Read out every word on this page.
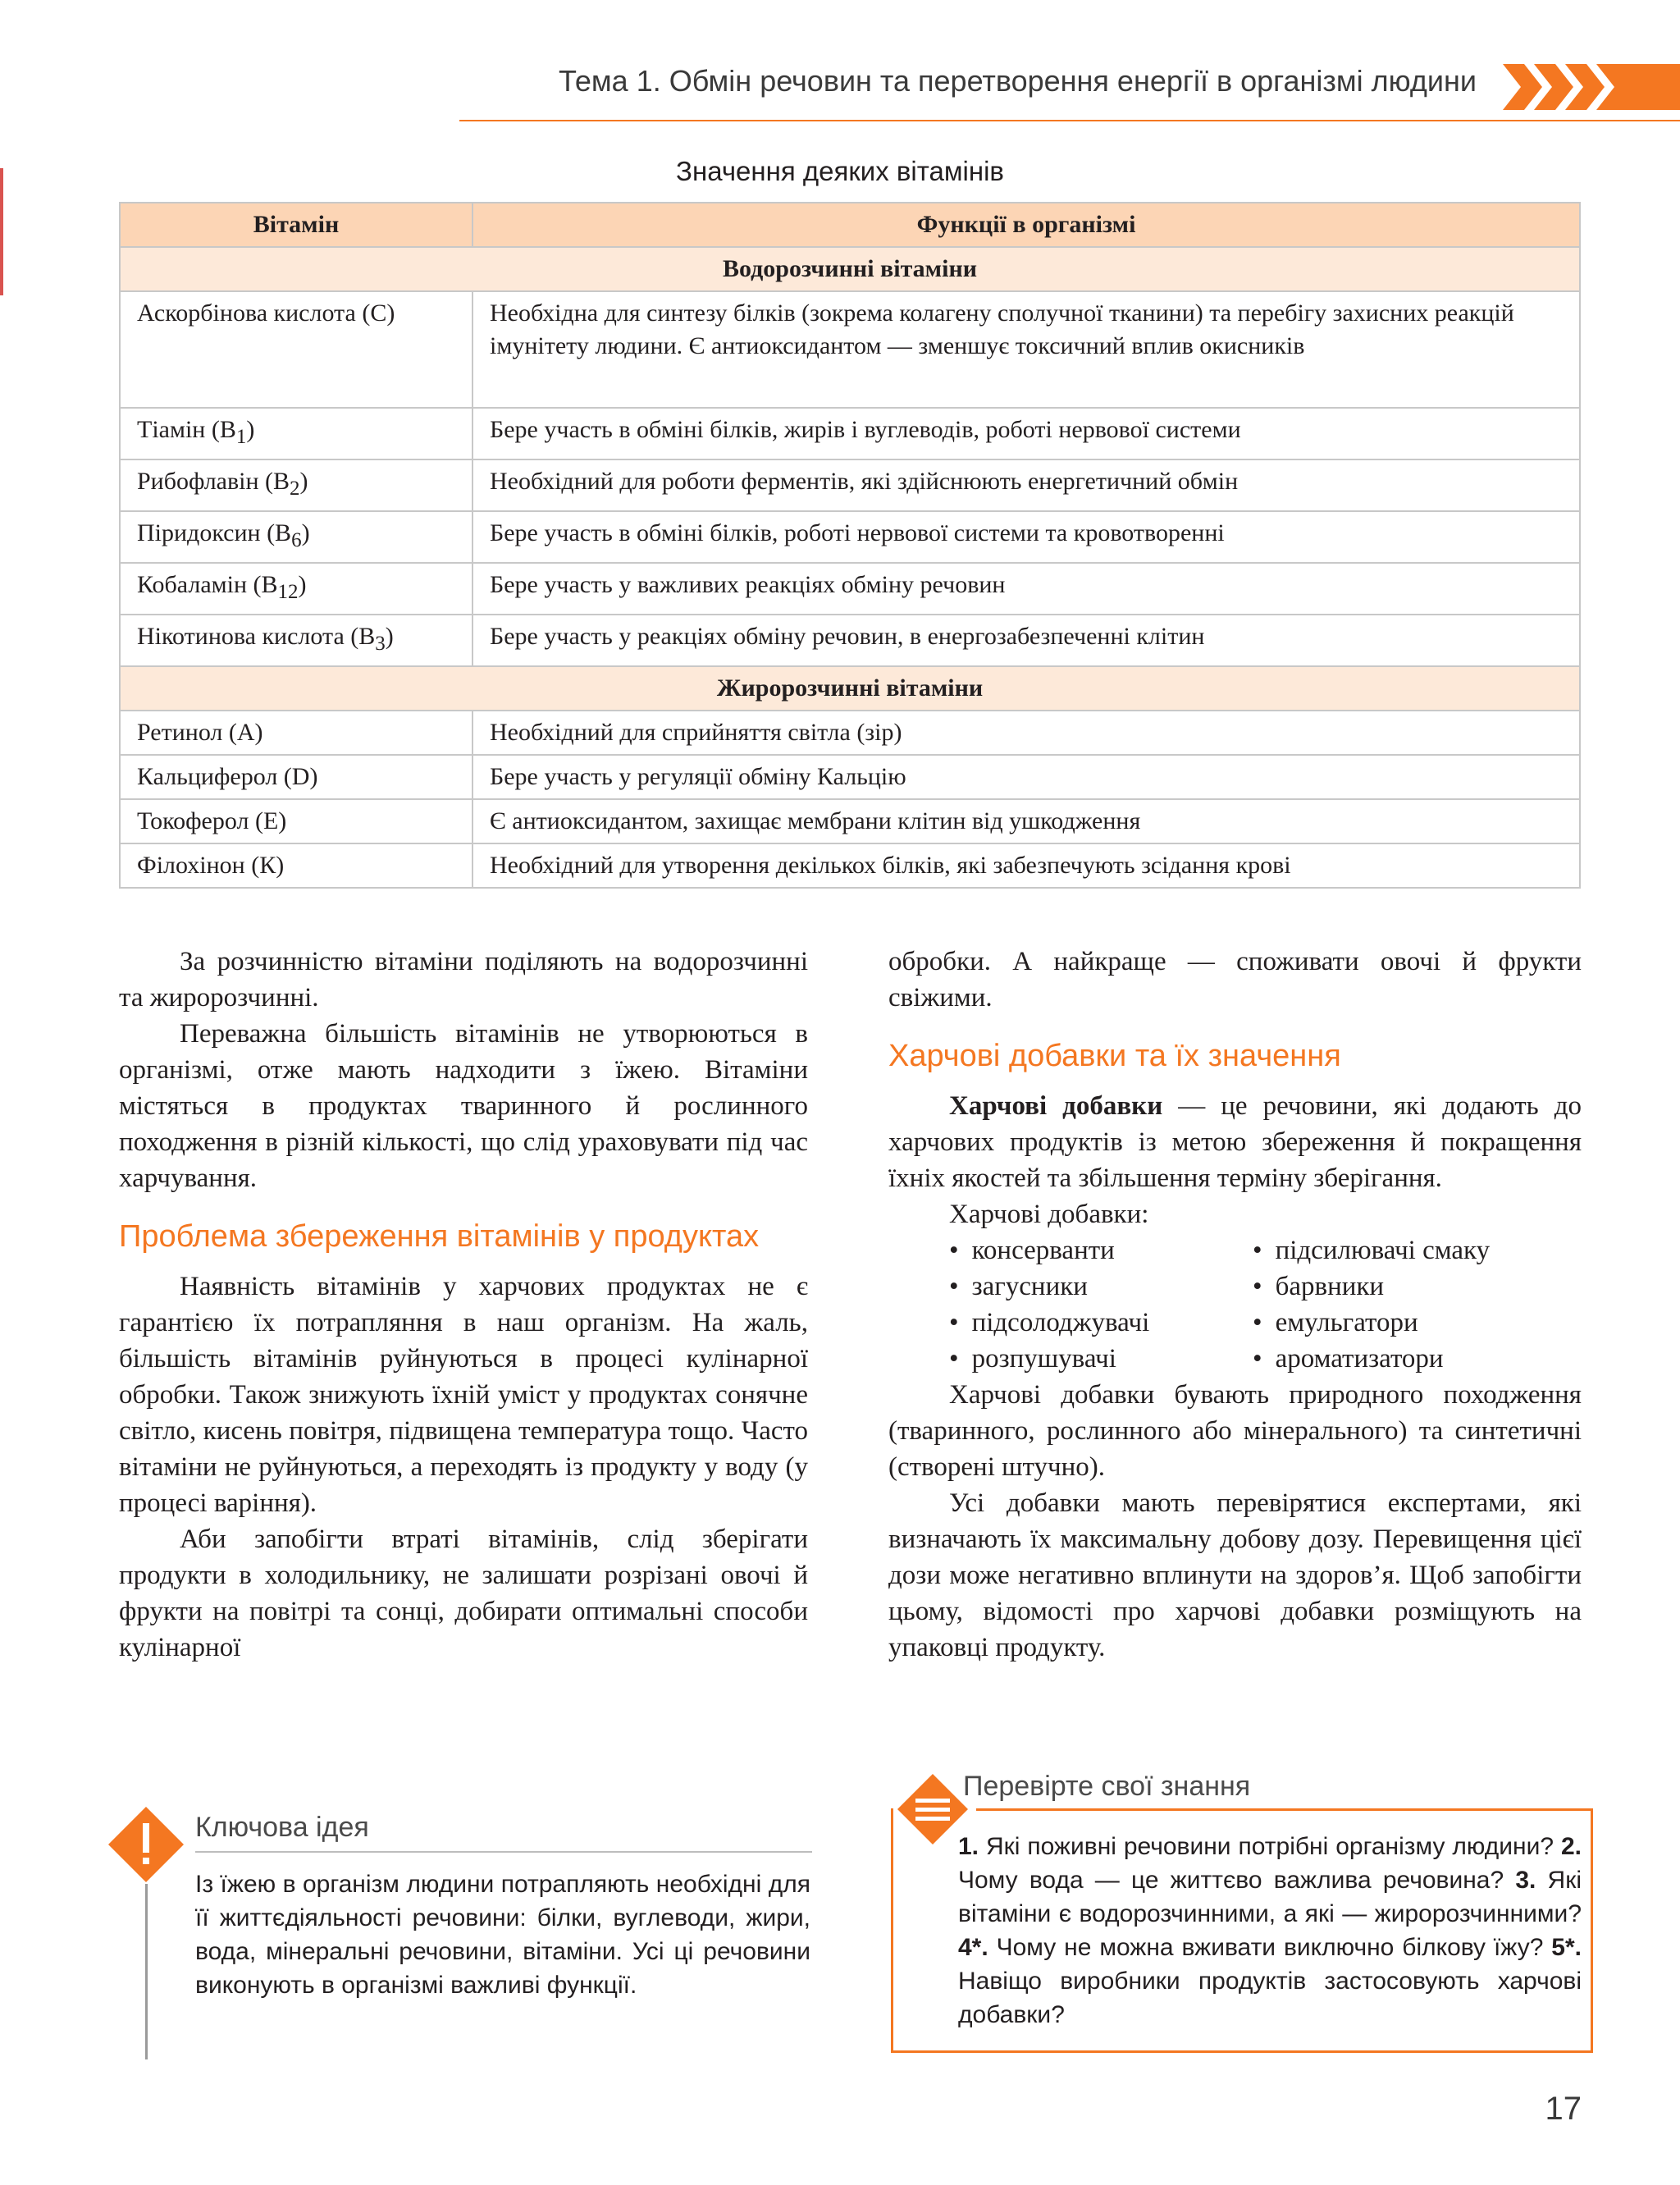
Тема 1. Обмін речовин та перетворення енергії в організмі людини
Значення деяких вітамінів
Вітамін	Функції в організмі
Водорозчинні вітаміни	
Аскорбінова кислота (С)	Необхідна для синтезу білків (зокрема колагену сполучної тканини) та перебігу захисних реакцій імунітету людини. Є антиоксидантом — зменшує токсичний вплив окисників
Тіамін $(В_1)$	Бере участь в обміні білків, жирів і вуглеводів, роботі нервової системи
Рибофлавін $(В_2)$	Необхідний для роботи ферментів, які здійснюють енергетичний обмін
Піридоксин $(В_6)$	Бере участь в обміні білків, роботі нервової системи та кровотворенні
Кобаламін $(В_{12})$	Бере участь у важливих реакціях обміну речовин
Нікотинова кислота $(В_3)$	Бере участь у реакціях обміну речовин, в енергозабезпеченні клітин
Жиророзчинні вітаміни	
Ретинол (А)	Необхідний для сприйняття світла (зір)
Кальциферол (D)	Бере участь у регуляції обміну Кальцію
Токоферол (Е)	Є антиоксидантом, захищає мембрани клітин від ушкодження
Філохінон (К)	Необхідний для утворення декількох білків, які забезпечують зсідання крові

За розчинністю вітаміни поділяють на водорозчинні та жиророзчинні.

Переважна більшість вітамінів не утворюються в організмі, отже мають надходити з їжею. Вітаміни містяться в продуктах тваринного й рослинного походження в різній кількості, що слід ураховувати під час харчування.

Проблема збереження вітамінів у продуктах

Наявність вітамінів у харчових продуктах не є гарантією їх потрапляння в наш організм. На жаль, більшість вітамінів руйнуються в процесі кулінарної обробки. Також знижують їхній уміст у продуктах сонячне світло, кисень повітря, підвищена температура тощо. Часто вітаміни не руйнуються, а переходять із продукту у воду (у процесі варіння).

Аби запобігти втраті вітамінів, слід зберігати продукти в холодильнику, не залишати розрізані овочі й фрукти на повітрі та сонці, добирати оптимальні способи кулінарної

обробки. А найкраще — споживати овочі й фрукти свіжими.

Харчові добавки та їх значення

Харчові добавки — це речовини, які додають до харчових продуктів із метою збереження й покращення їхніх якостей та збільшення терміну зберігання.

Харчові добавки:

• консерванти	• підсилювачі смаку
• загусники	• барвники
• підсолоджувачі	• емульгатори
• розпушувачі	• ароматизатори

Харчові добавки бувають природного походження (тваринного, рослинного або мінерального) та синтетичні (створені штучно).

Усі добавки мають перевірятися експертами, які визначають їх максимальну добову дозу. Перевищення цієї дози може негативно вплинути на здоров’я. Щоб запобігти цьому, відомості про харчові добавки розміщують на упаковці продукту.

Ключова ідея
Із їжею в організм людини потрапляють необхідні для її життєдіяльності речовини: білки, вуглеводи, жири, вода, мінеральні речовини, вітаміни. Усі ці речовини виконують в організмі важливі функції.
Перевірте свої знання
1. Які поживні речовини потрібні організму людини? 2. Чому вода — це життєво важлива речовина? 3. Які вітаміни є водорозчинними, а які — жиророзчинними? 4*. Чому не можна вживати виключно білкову їжу? 5*. Навіщо виробники продуктів застосовують харчові добавки?
17
